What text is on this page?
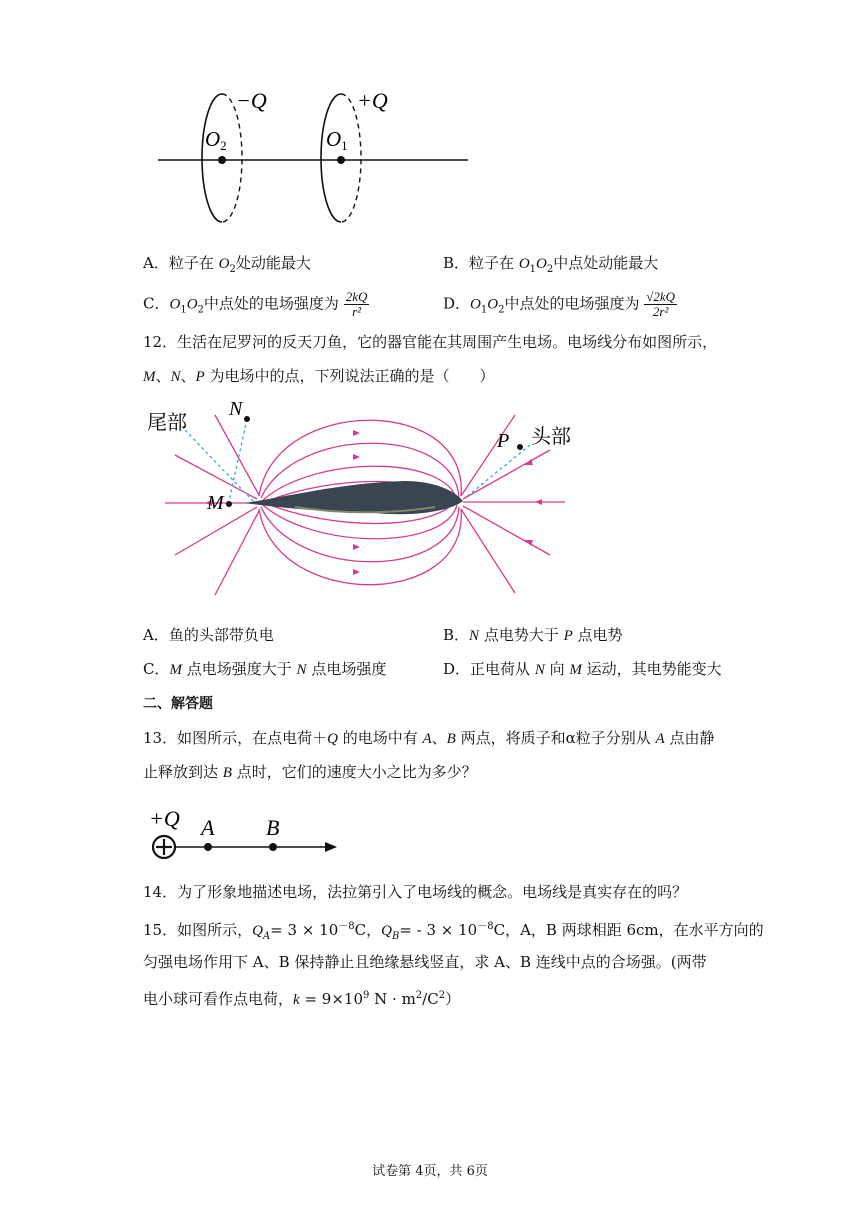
−Q	+Q
O2	O1
A．粒子在 $O_2$处动能最大	B．粒子在 $O_1O_2$中点处动能最大
C．$O_1O_2$中点处的电场强度为 $\frac{2kQ}{\text{r²}}$	D．$O_1O_2$中点处的电场强度为 $\frac{√2kQ}{\text{2r²}}$
12．生活在尼罗河的反天刀鱼，它的器官能在其周围产生电场。电场线分布如图所示，
M、N、P 为电场中的点，下列说法正确的是（　　）
尾部
N
P 头部
M
A．鱼的头部带负电	B．N 点电势大于 P 点电势
C．M 点电场强度大于 N 点电场强度	D．正电荷从 N 向 M 运动，其电势能变大
二、解答题
13．如图所示，在点电荷＋Q 的电场中有 A、B 两点，将质子和α粒子分别从 A 点由静
止释放到达 B 点时，它们的速度大小之比为多少？
+Q A B
14．为了形象地描述电场，法拉第引入了电场线的概念。电场线是真实存在的吗？
15．如图所示，$Q_A= 3 \times 10^{-8}C$，$Q_B= - 3 \times 10^{-8}C$，A，B 两球相距 6cm，在水平方向的
匀强电场作用下 A、B 保持静止且绝缘悬线竖直，求 A、B 连线中点的合场强。(两带
电小球可看作点电荷，$k = 9\times 10^9$ $N \cdot m^2/C^2$）
试卷第 4页，共 6页
